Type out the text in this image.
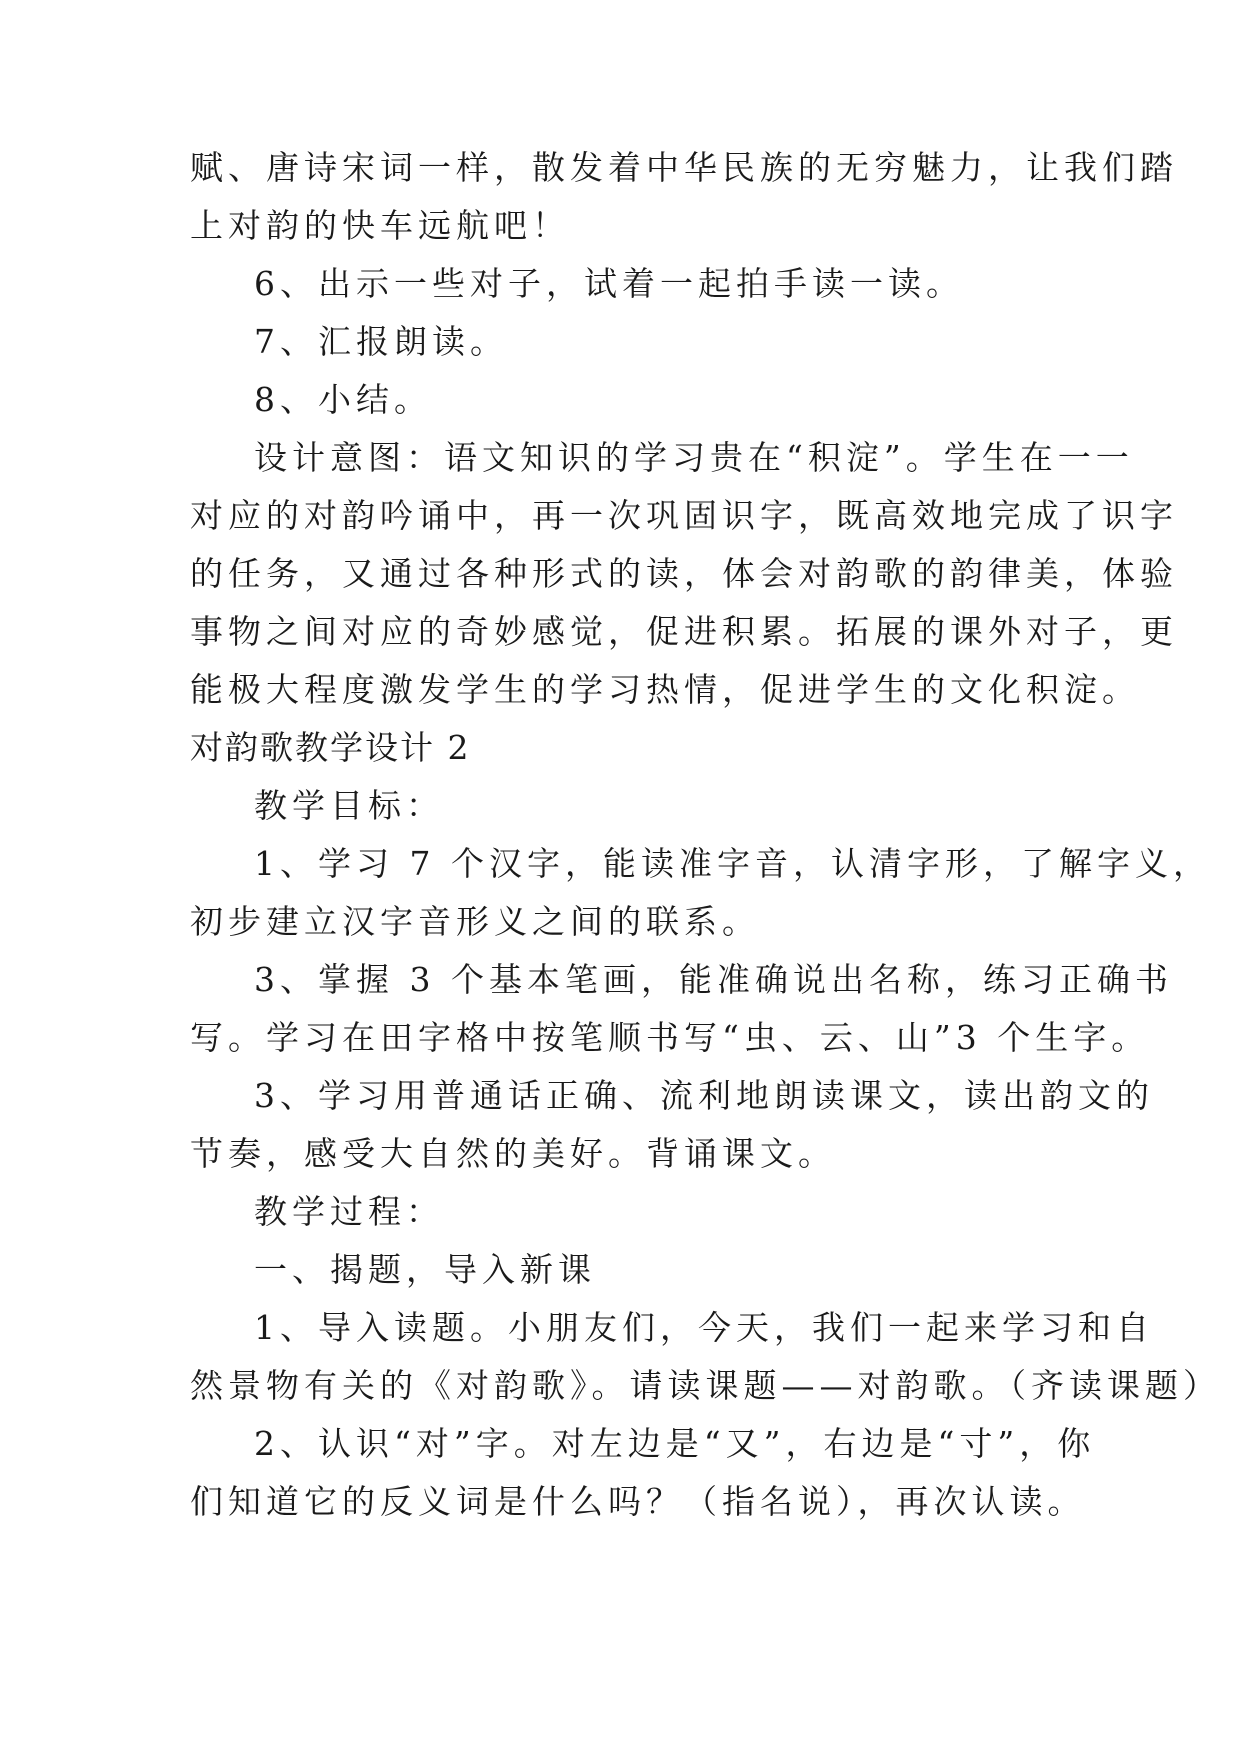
赋、唐诗宋词一样，散发着中华民族的无穷魅力，让我们踏
上对韵的快车远航吧！
6、出示一些对子，试着一起拍手读一读。
7、汇报朗读。
8、小结。
设计意图：语文知识的学习贵在“积淀”。学生在一一
对应的对韵吟诵中，再一次巩固识字，既高效地完成了识字
的任务，又通过各种形式的读，体会对韵歌的韵律美，体验
事物之间对应的奇妙感觉，促进积累。拓展的课外对子，更
能极大程度激发学生的学习热情，促进学生的文化积淀。
对韵歌教学设计 2
教学目标：
1、学习 7 个汉字，能读准字音，认清字形，了解字义，
初步建立汉字音形义之间的联系。
3、掌握 3 个基本笔画，能准确说出名称，练习正确书
写。学习在田字格中按笔顺书写“虫、云、山”3 个生字。
3、学习用普通话正确、流利地朗读课文，读出韵文的
节奏，感受大自然的美好。背诵课文。
教学过程：
一、揭题，导入新课
1、导入读题。小朋友们，今天，我们一起来学习和自
然景物有关的《对韵歌》。请读课题——对韵歌。（齐读课题）
2、认识“对”字。对左边是“又”，右边是“寸”，你
们知道它的反义词是什么吗？（指名说），再次认读。
